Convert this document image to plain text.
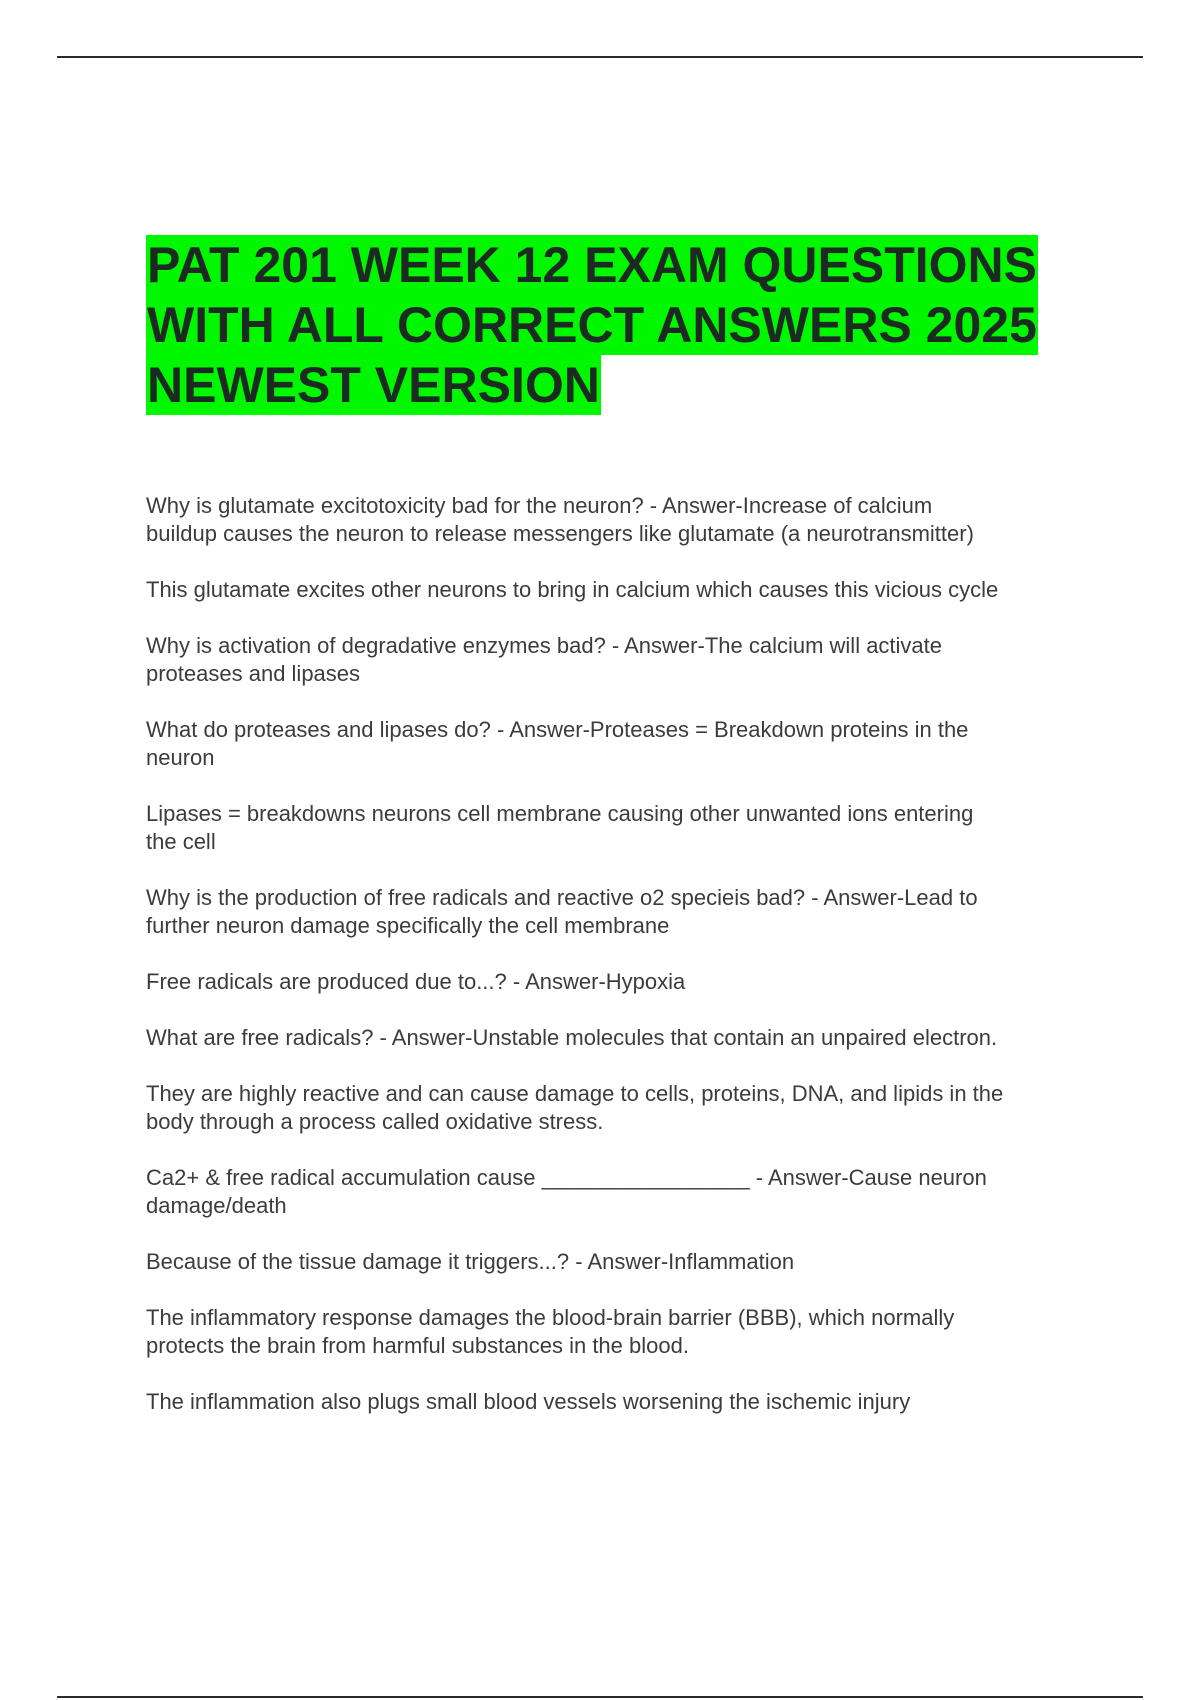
PAT 201 WEEK 12 EXAM QUESTIONS
WITH ALL CORRECT ANSWERS 2025
NEWEST VERSION

Why is glutamate excitotoxicity bad for the neuron? - Answer-Increase of calcium
buildup causes the neuron to release messengers like glutamate (a neurotransmitter)

This glutamate excites other neurons to bring in calcium which causes this vicious cycle

Why is activation of degradative enzymes bad? - Answer-The calcium will activate
proteases and lipases

What do proteases and lipases do? - Answer-Proteases = Breakdown proteins in the
neuron

Lipases = breakdowns neurons cell membrane causing other unwanted ions entering
the cell

Why is the production of free radicals and reactive o2 specieis bad? - Answer-Lead to
further neuron damage specifically the cell membrane

Free radicals are produced due to...? - Answer-Hypoxia

What are free radicals? - Answer-Unstable molecules that contain an unpaired electron.

They are highly reactive and can cause damage to cells, proteins, DNA, and lipids in the
body through a process called oxidative stress.

Ca2+ & free radical accumulation cause _________________ - Answer-Cause neuron
damage/death

Because of the tissue damage it triggers...? - Answer-Inflammation

The inflammatory response damages the blood-brain barrier (BBB), which normally
protects the brain from harmful substances in the blood.

The inflammation also plugs small blood vessels worsening the ischemic injury
